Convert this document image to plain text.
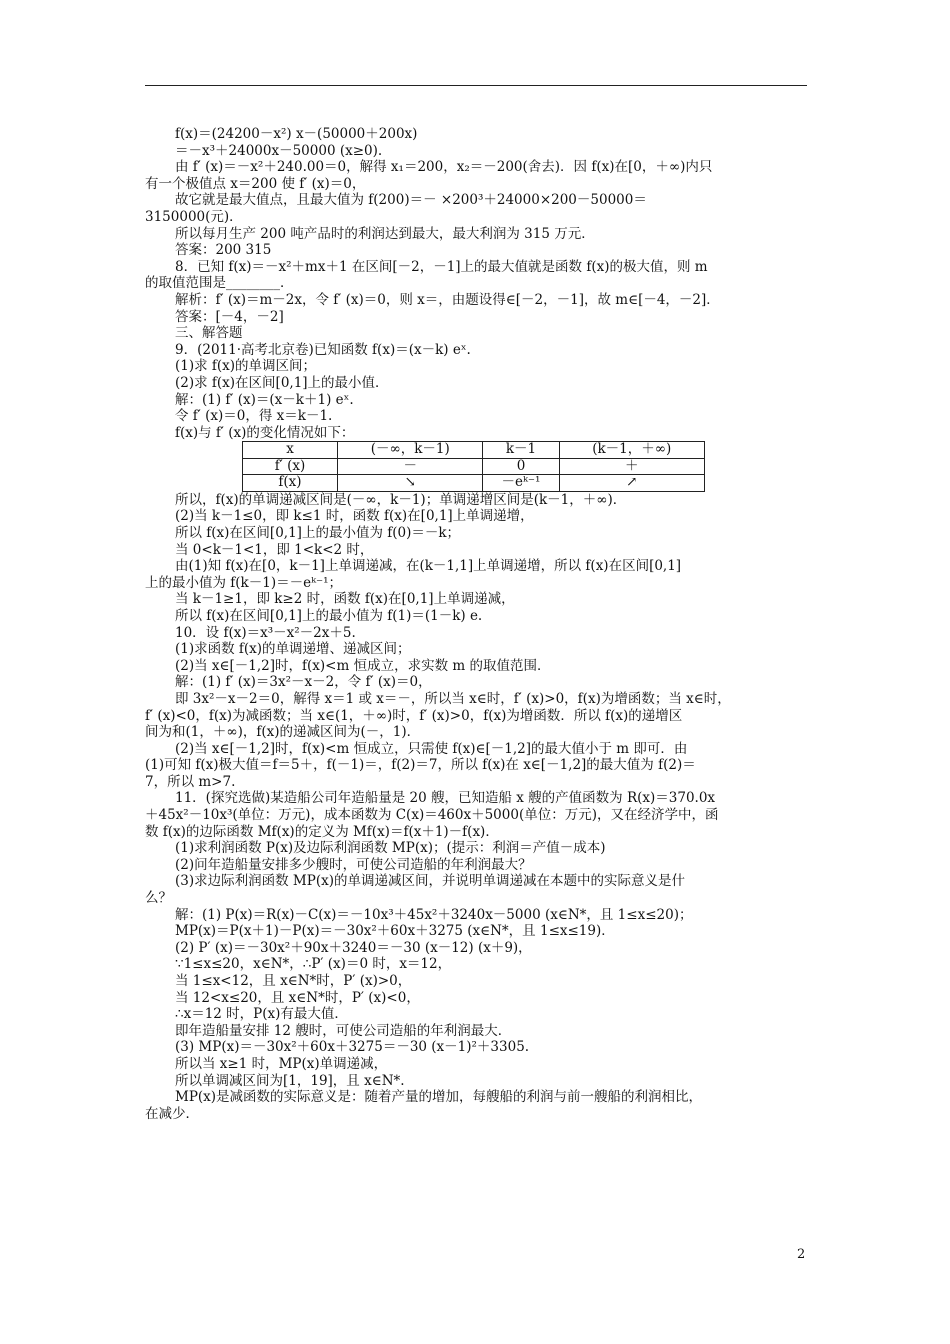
f(x)＝(24200－x²) x－(50000＋200x)
＝－x³＋24000x－50000 (x≥0).
由 f′ (x)＝－x²＋240.00＝0，解得 x₁＝200，x₂＝－200(舍去)．因 f(x)在[0，＋∞)内只
有一个极值点 x＝200 使 f′ (x)＝0，
故它就是最大值点，且最大值为 f(200)＝－ ×200³＋24000×200－50000＝
3150000(元)．
所以每月生产 200 吨产品时的利润达到最大，最大利润为 315 万元．
答案：200 315
8．已知 f(x)＝－x²＋mx＋1 在区间[－2，－1]上的最大值就是函数 f(x)的极大值，则 m
的取值范围是________．
解析：f′ (x)＝m－2x，令 f′ (x)＝0，则 x＝，由题设得∈[－2，－1]，故 m∈[－4，－2]．
答案：[－4，－2]
三、解答题
9．(2011·高考北京卷)已知函数 f(x)＝(x－k) eˣ.
(1)求 f(x)的单调区间；
(2)求 f(x)在区间[0,1]上的最小值．
解：(1) f′ (x)＝(x－k＋1) eˣ.
令 f′ (x)＝0，得 x＝k－1.
f(x)与 f′ (x)的变化情况如下：
x	(－∞，k－1)	k－1	(k－1，＋∞)
f′ (x)	－	0	＋
f(x)	↘	－eᵏ⁻¹	↗
所以，f(x)的单调递减区间是(－∞，k－1)；单调递增区间是(k－1，＋∞)．
(2)当 k－1≤0，即 k≤1 时，函数 f(x)在[0,1]上单调递增，
所以 f(x)在区间[0,1]上的最小值为 f(0)＝－k；
当 0<k－1<1，即 1<k<2 时，
由(1)知 f(x)在[0，k－1]上单调递减，在(k－1,1]上单调递增，所以 f(x)在区间[0,1]
上的最小值为 f(k－1)＝－eᵏ⁻¹；
当 k－1≥1，即 k≥2 时，函数 f(x)在[0,1]上单调递减，
所以 f(x)在区间[0,1]上的最小值为 f(1)＝(1－k) e.
10．设 f(x)＝x³－x²－2x＋5.
(1)求函数 f(x)的单调递增、递减区间；
(2)当 x∈[－1,2]时，f(x)<m 恒成立，求实数 m 的取值范围．
解：(1) f′ (x)＝3x²－x－2，令 f′ (x)＝0，
即 3x²－x－2＝0，解得 x＝1 或 x＝－，所以当 x∈时，f′ (x)>0，f(x)为增函数；当 x∈时，
f′ (x)<0，f(x)为减函数；当 x∈(1，＋∞)时，f′ (x)>0，f(x)为增函数．所以 f(x)的递增区
间为和(1，＋∞)，f(x)的递减区间为(－，1)．
(2)当 x∈[－1,2]时，f(x)<m 恒成立，只需使 f(x)∈[－1,2]的最大值小于 m 即可．由
(1)可知 f(x)极大值＝f＝5＋，f(－1)＝，f(2)＝7，所以 f(x)在 x∈[－1,2]的最大值为 f(2)＝
7，所以 m>7.
11．(探究选做)某造船公司年造船量是 20 艘，已知造船 x 艘的产值函数为 R(x)＝370.0x
＋45x²－10x³(单位：万元)，成本函数为 C(x)＝460x＋5000(单位：万元)，又在经济学中，函
数 f(x)的边际函数 Mf(x)的定义为 Mf(x)＝f(x＋1)－f(x)．
(1)求利润函数 P(x)及边际利润函数 MP(x)；(提示：利润＝产值－成本)
(2)问年造船量安排多少艘时，可使公司造船的年利润最大？
(3)求边际利润函数 MP(x)的单调递减区间，并说明单调递减在本题中的实际意义是什
么？
解：(1) P(x)＝R(x)－C(x)＝－10x³＋45x²＋3240x－5000 (x∈N*，且 1≤x≤20)；
MP(x)＝P(x＋1)－P(x)＝－30x²＋60x＋3275 (x∈N*，且 1≤x≤19)．
(2) P′ (x)＝－30x²＋90x＋3240＝－30 (x－12) (x＋9)，
∵1≤x≤20，x∈N*，∴P′ (x)＝0 时，x＝12，
当 1≤x<12，且 x∈N*时，P′ (x)>0，
当 12<x≤20，且 x∈N*时，P′ (x)<0，
∴x＝12 时，P(x)有最大值．
即年造船量安排 12 艘时，可使公司造船的年利润最大．
(3) MP(x)＝－30x²＋60x＋3275＝－30 (x－1)²＋3305.
所以当 x≥1 时，MP(x)单调递减，
所以单调减区间为[1，19]，且 x∈N*.
MP(x)是减函数的实际意义是：随着产量的增加，每艘船的利润与前一艘船的利润相比，
在减少．
2
